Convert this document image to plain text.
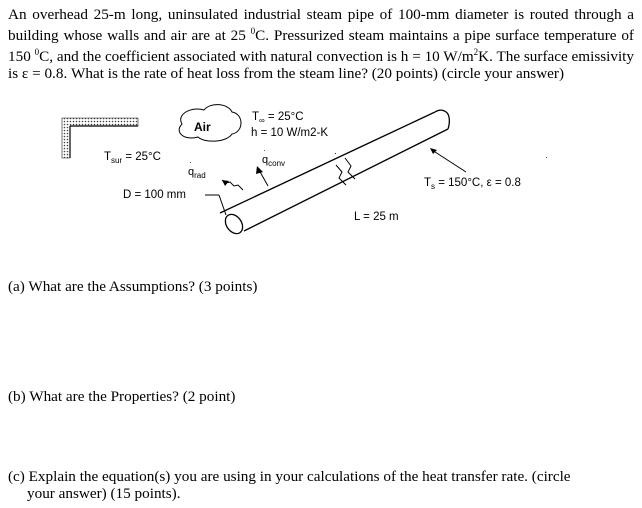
An overhead 25-m long, uninsulated industrial steam pipe of 100-mm diameter is routed through a building whose walls and air are at 25 $^0$C. Pressurized steam maintains a pipe surface temperature of 150 $^0$C, and the coefficient associated with natural convection is h = 10 $W/m^2K$. The surface emissivity is ε = 0.8. What is the rate of heat loss from the steam line? (20 points) (circle your answer)

Air
$T_\infty = 25^\circ C$
h = 10 W/m2-K
$T_{sur} = 25^\circ C$
$q_{rad}$
·	$q_{conv}$
·
D = 100 mm
$T_s = 150^\circ C$, ε = 0.8
L = 25 m
·	·

(a) What are the Assumptions? (3 points)

(b) What are the Properties? (2 point)

(c) Explain the equation(s) you are using in your calculations of the heat transfer rate. (circle
your answer) (15 points).
